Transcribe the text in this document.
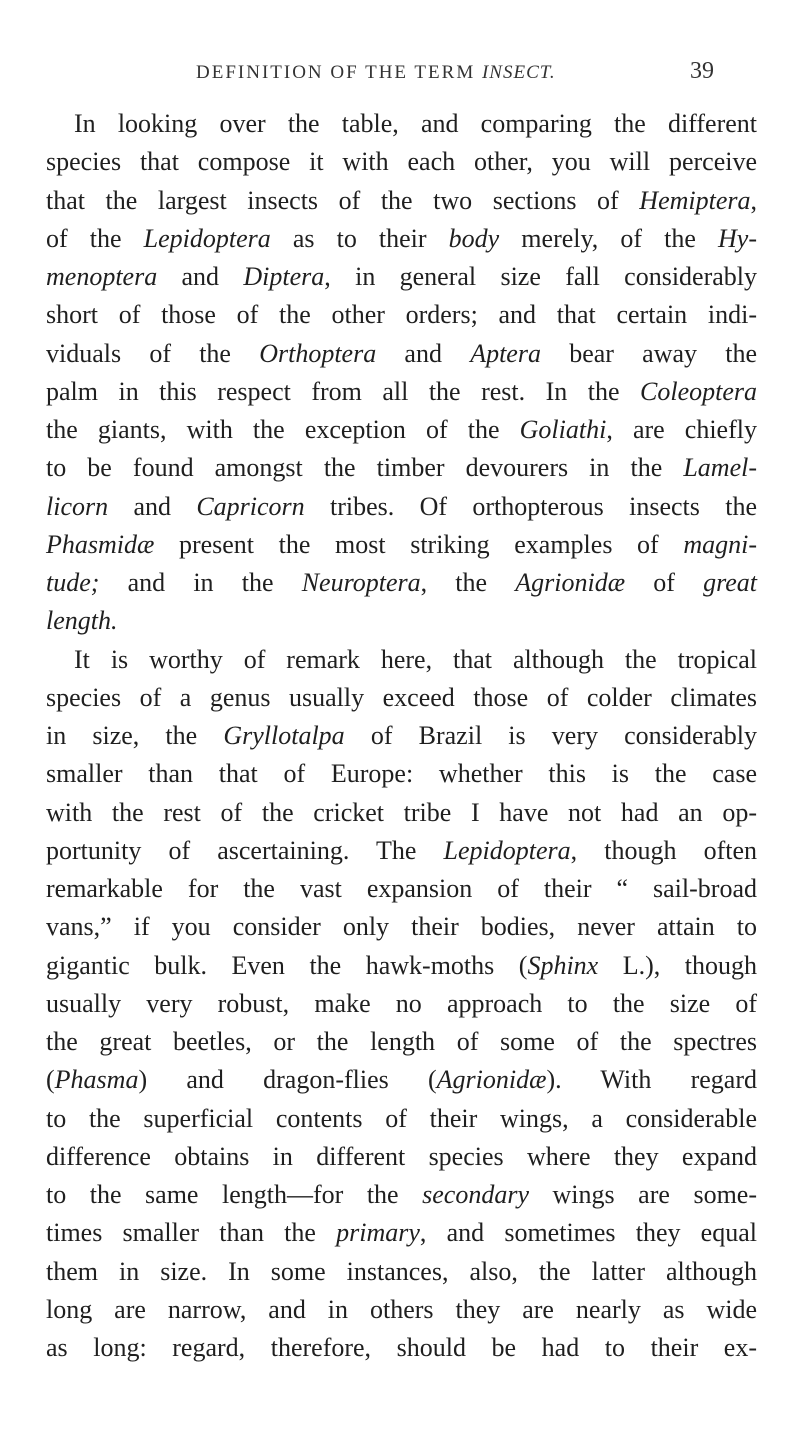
DEFINITION OF THE TERM INSECT.	39
In looking over the table, and comparing the different
species that compose it with each other, you will perceive
that the largest insects of the two sections of Hemiptera,
of the Lepidoptera as to their body merely, of the Hy-
menoptera and Diptera, in general size fall considerably
short of those of the other orders; and that certain indi-
viduals of the Orthoptera and Aptera bear away the
palm in this respect from all the rest. In the Coleoptera
the giants, with the exception of the Goliathi, are chiefly
to be found amongst the timber devourers in the Lamel-
licorn and Capricorn tribes. Of orthopterous insects the
Phasmidæ present the most striking examples of magni-
tude; and in the Neuroptera, the Agrionidæ of great
length.
It is worthy of remark here, that although the tropical
species of a genus usually exceed those of colder climates
in size, the Gryllotalpa of Brazil is very considerably
smaller than that of Europe: whether this is the case
with the rest of the cricket tribe I have not had an op-
portunity of ascertaining. The Lepidoptera, though often
remarkable for the vast expansion of their “ sail-broad
vans,” if you consider only their bodies, never attain to
gigantic bulk. Even the hawk-moths (Sphinx L.), though
usually very robust, make no approach to the size of
the great beetles, or the length of some of the spectres
(Phasma) and dragon-flies (Agrionidæ). With regard
to the superficial contents of their wings, a considerable
difference obtains in different species where they expand
to the same length—for the secondary wings are some-
times smaller than the primary, and sometimes they equal
them in size. In some instances, also, the latter although
long are narrow, and in others they are nearly as wide
as long: regard, therefore, should be had to their ex-
